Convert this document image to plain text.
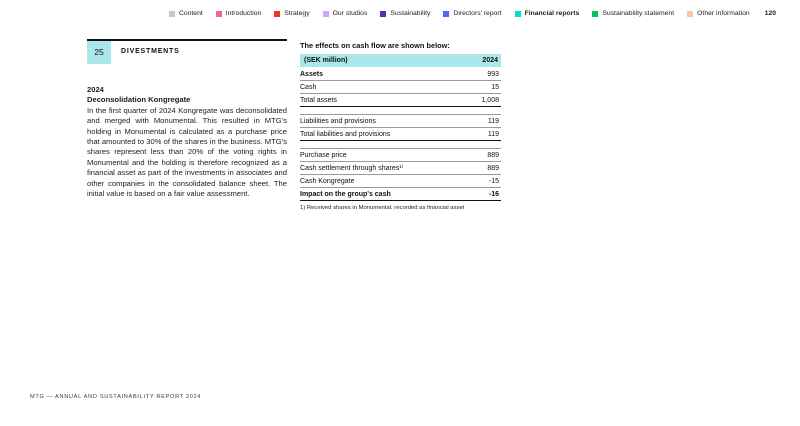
Content	Introduction	Strategy	Our studios	Sustainability	Directors' report	Financial reports	Sustainability statement	Other information 120
25	DIVESTMENTS
2024
Deconsolidation Kongregate
In the first quarter of 2024 Kongregate was deconsolidated and merged with Monumental. This resulted in MTG’s holding in Monumental is calculated as a purchase price that amounted to 30% of the shares in the business. MTG’s shares represent less than 20% of the voting rights in Monumental and the holding is therefore recognized as a financial asset as part of the investments in associates and other companies in the consolidated balance sheet. The initial value is based on a fair value assessment.
The effects on cash flow are shown below:
(SEK million)	2024
Assets	993
Cash	15
Total assets	1,008
Liabilities and provisions	119
Total liabilities and provisions	119
Purchase price	889
Cash settlement through shares¹⁾	889
Cash Kongregate	-15
Impact on the group's cash	-16
1) Received shares in Monumental, recorded as financial asset
MTG — ANNUAL AND SUSTAINABILITY REPORT 2024
